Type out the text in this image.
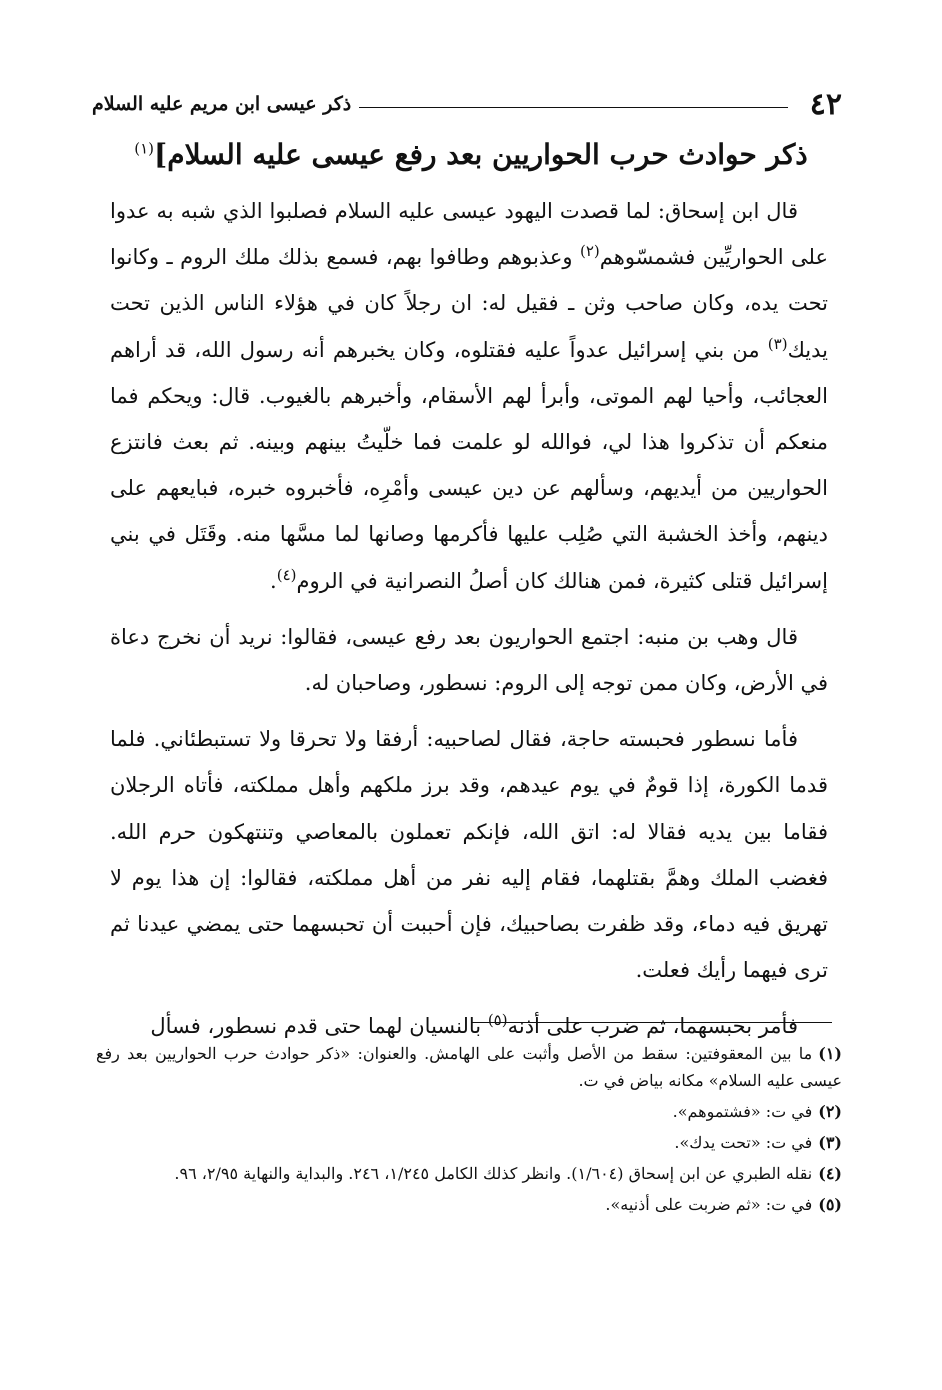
٤٢
ذكر عيسى ابن مريم عليه السلام
ذكر حوادث حرب الحواريين بعد رفع عيسى عليه السلام]$^{(١)}$

قال ابن إسحاق: لما قصدت اليهود عيسى عليه السلام فصلبوا الذي شبه به عدوا على الحواريِّين فشمسّوهم$^{(٢)}$ وعذبوهم وطافوا بهم، فسمع بذلك ملك الروم ـ وكانوا تحت يده، وكان صاحب وثن ـ فقيل له: ان رجلاً كان في هؤلاء الناس الذين تحت يديك$^{(٣)}$ من بني إسرائيل عدواً عليه فقتلوه، وكان يخبرهم أنه رسول الله، قد أراهم العجائب، وأحيا لهم الموتى، وأبرأ لهم الأسقام، وأخبرهم بالغيوب. قال: ويحكم فما منعكم أن تذكروا هذا لي، فوالله لو علمت فما خلّيتُ بينهم وبينه. ثم بعث فانتزع الحواريين من أيديهم، وسألهم عن دين عيسى وأمْرِه، فأخبروه خبره، فبايعهم على دينهم، وأخذ الخشبة التي صُلِب عليها فأكرمها وصانها لما مسَّها منه. وقَتَل في بني إسرائيل قتلى كثيرة، فمن هنالك كان أصلُ النصرانية في الروم$^{(٤)}$.

قال وهب بن منبه: اجتمع الحواريون بعد رفع عيسى، فقالوا: نريد أن نخرج دعاة في الأرض، وكان ممن توجه إلى الروم: نسطور، وصاحبان له.

فأما نسطور فحبسته حاجة، فقال لصاحبيه: أرفقا ولا تحرقا ولا تستبطئاني. فلما قدما الكورة، إذا قومٌ في يوم عيدهم، وقد برز ملكهم وأهل مملكته، فأتاه الرجلان فقاما بين يديه فقالا له: اتق الله، فإنكم تعملون بالمعاصي وتنتهكون حرم الله. فغضب الملك وهمَّ بقتلهما، فقام إليه نفر من أهل مملكته، فقالوا: إن هذا يوم لا تهريق فيه دماء، وقد ظفرت بصاحبيك، فإن أحببت أن تحبسهما حتى يمضي عيدنا ثم ترى فيهما رأيك فعلت.

فأمر بحبسهما، ثم ضرب على أذنه$^{(٥)}$ بالنسيان لهما حتى قدم نسطور، فسأل

(١)ما بين المعقوفتين: سقط من الأصل وأثبت على الهامش. والعنوان: «ذكر حوادث حرب الحواريين بعد رفع عيسى عليه السلام» مكانه بياض في ت.
(٢)في ت: «فشتموهم».
(٣)في ت: «تحت يدك».
(٤)نقله الطبري عن ابن إسحاق (١/٦٠٤). وانظر كذلك الكامل ١/٢٤٥، ٢٤٦. والبداية والنهاية ٢/٩٥، ٩٦.
(٥)في ت: «ثم ضربت على أذنيه».
